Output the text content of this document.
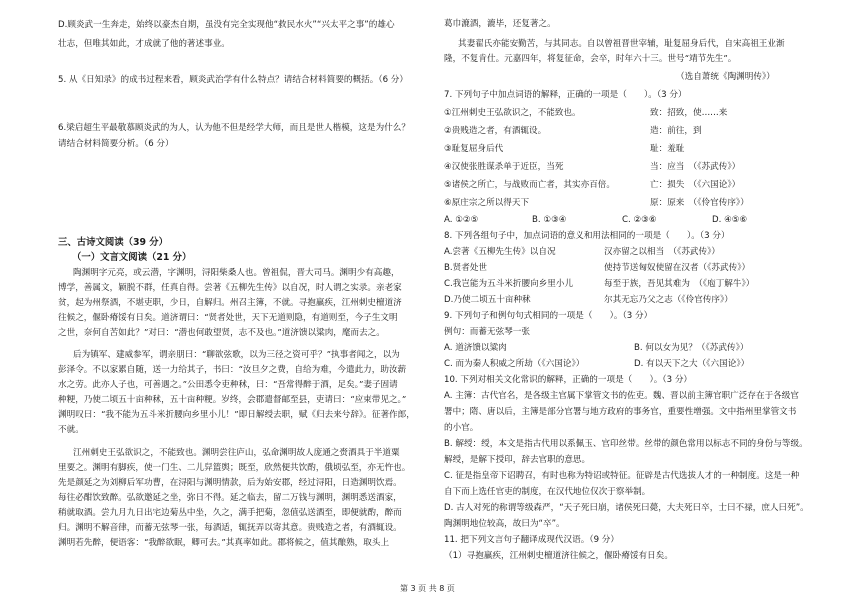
D.顾炎武一生奔走，始终以豪杰自期，虽没有完全实现他“救民水火”“兴太平之事”的雄心
壮志，但唯其如此，才成就了他的著述事业。
5. 从《日知录》的成书过程来看，顾炎武治学有什么特点？请结合材料简要的概括。（6 分）
6.梁启超生平最敬慕顾炎武的为人，认为他不但是经学大师，而且是世人楷模，这是为什么？
请结合材料简要分析。（6 分）
三、古诗文阅读（39 分）
（一）文言文阅读（21 分）
陶渊明字元亮，或云潜，字渊明，浔阳柴桑人也。曾祖侃，晋大司马。渊明少有高趣，
博学，善属文，颖脱不群，任真自得。尝著《五柳先生传》以自况，时人谓之实录。亲老家
贫，起为州祭酒，不堪吏职，少日，自解归。州召主簿，不就。寻抱羸疾，江州刺史檀道济
往候之，偃卧瘠馁有日矣。道济谓曰：“贤者处世，天下无道则隐，有道则至，今子生文明
之世，奈何自苦如此？”对曰：“潜也何敢望贤，志不及也。”道济馈以粱肉，麾而去之。
后为镇军、建威参军，谓亲朋曰：“聊欲弦歌，以为三径之资可乎？”执事者闻之，以为
彭泽令。不以家累自随，送一力给其子，书曰：“汝旦夕之费，自给为难，今遣此力，助汝薪
水之劳。此亦人子也，可善遇之。”公田悉令吏种秫，曰：“吾常得醉于酒，足矣。”妻子固请
种粳，乃使二顷五十亩种秫，五十亩种粳。岁终，会郡遣督邮至县，吏请曰：“应束带见之。”
渊明叹曰：“我不能为五斗米折腰向乡里小儿！”即日解绶去职，赋《归去来兮辞》。征著作郎，
不就。
江州刺史王弘欲识之，不能致也。渊明尝往庐山，弘命渊明故人庞通之赍酒具于半道粟
里要之。渊明有脚疾，使一门生、二儿舁篮舆；既至，欣然便共饮酌，俄顷弘至，亦无忤也。
先是颜延之为刘柳后军功曹，在浔阳与渊明情款，后为始安郡，经过浔阳，日造渊明饮焉。
每往必酣饮致醉。弘欲邀延之坐，弥日不得。延之临去，留二万钱与渊明，渊明悉送酒家，
稍就取酒。尝九月九日出宅边菊丛中坐，久之，满手把菊，忽值弘送酒至，即便就酌，醉而
归。渊明不解音律，而蓄无弦琴一张，每酒适，辄抚弄以寄其意。贵贱造之者，有酒辄设。
渊明若先醉，便语客：“我醉欲眠，卿可去。”其真率如此。郡将候之，值其酿熟，取头上
葛巾漉酒，漉毕，还复著之。
其妻翟氏亦能安勤苦，与其同志。自以曾祖晋世宰辅，耻复屈身后代，自宋高祖王业渐
隆，不复肯仕。元嘉四年，将复征命，会卒，时年六十三。世号“靖节先生”。
（选自萧统《陶渊明传》）
7. 下列句子中加点词语的解释，正确的一项是（　　）。（3 分）
①江州刺史王弘欲识之，不能致也。	致：招致，使……来
②贵贱造之者，有酒辄设。	造：前往，到
③耻复屈身后代	耻：羞耻
④汉使张胜谋杀单于近臣，当死	当：应当　（《苏武传》）
⑤诸侯之所亡，与战败而亡者，其实亦百倍。	亡：损失　（《六国论》）
⑥原庄宗之所以得天下	原：原来　（《伶官传序》）
A. ①②⑤	B. ①③④	C. ②③⑥	D. ④⑤⑥
8. 下列各组句子中，加点词语的意义和用法相同的一项是（　　）。（3 分）
A.尝著《五柳先生传》以自况	汉亦留之以相当　（《苏武传》）
B.贤者处世	使持节送匈奴使留在汉者（《苏武传》）
C.我岂能为五斗米折腰向乡里小儿	每至于族，吾见其难为　（《庖丁解牛》）
D.乃使二顷五十亩种秫	尔其无忘乃父之志（《伶官传序》）
9. 下列句子和例句句式相同的一项是（　　）。（3 分）
例句：而蓄无弦琴一张
A. 道济馈以粱肉	B. 何以女为见？（《苏武传》）
C. 而为秦人积威之所劫（《六国论》）	D. 有以天下之大（《六国论》）
10. 下列对相关文化常识的解释，正确的一项是（　　）。（3 分）
A. 主簿：古代官名，是各级主官属下掌管文书的佐吏。魏、晋以前主簿官职广泛存在于各级官
署中；隋、唐以后，主簿是部分官署与地方政府的事务官，重要性增强。文中指州里掌管文书
的小官。
B. 解绶：绶，本文是指古代用以系佩玉、官印丝带。丝带的颜色常用以标志不同的身份与等级。
解绶，是解下授印，辞去官职的意思。
C. 征是指皇帝下诏聘召，有时也称为特诏或特征。征辟是古代选拔人才的一种制度。这是一种
自下而上选任官吏的制度，在汉代地位仅次于察举制。
D. 古人对死的称谓等级森严，“天子死曰崩，诸侯死曰薨，大夫死曰卒，士曰不禄，庶人曰死”。
陶渊明地位较高，故曰为“卒”。
11. 把下列文言句子翻译成现代汉语。（9 分）
（1）寻抱羸疾，江州刺史檀道济往候之，偃卧瘠馁有日矣。
第 3 页 共 8 页
